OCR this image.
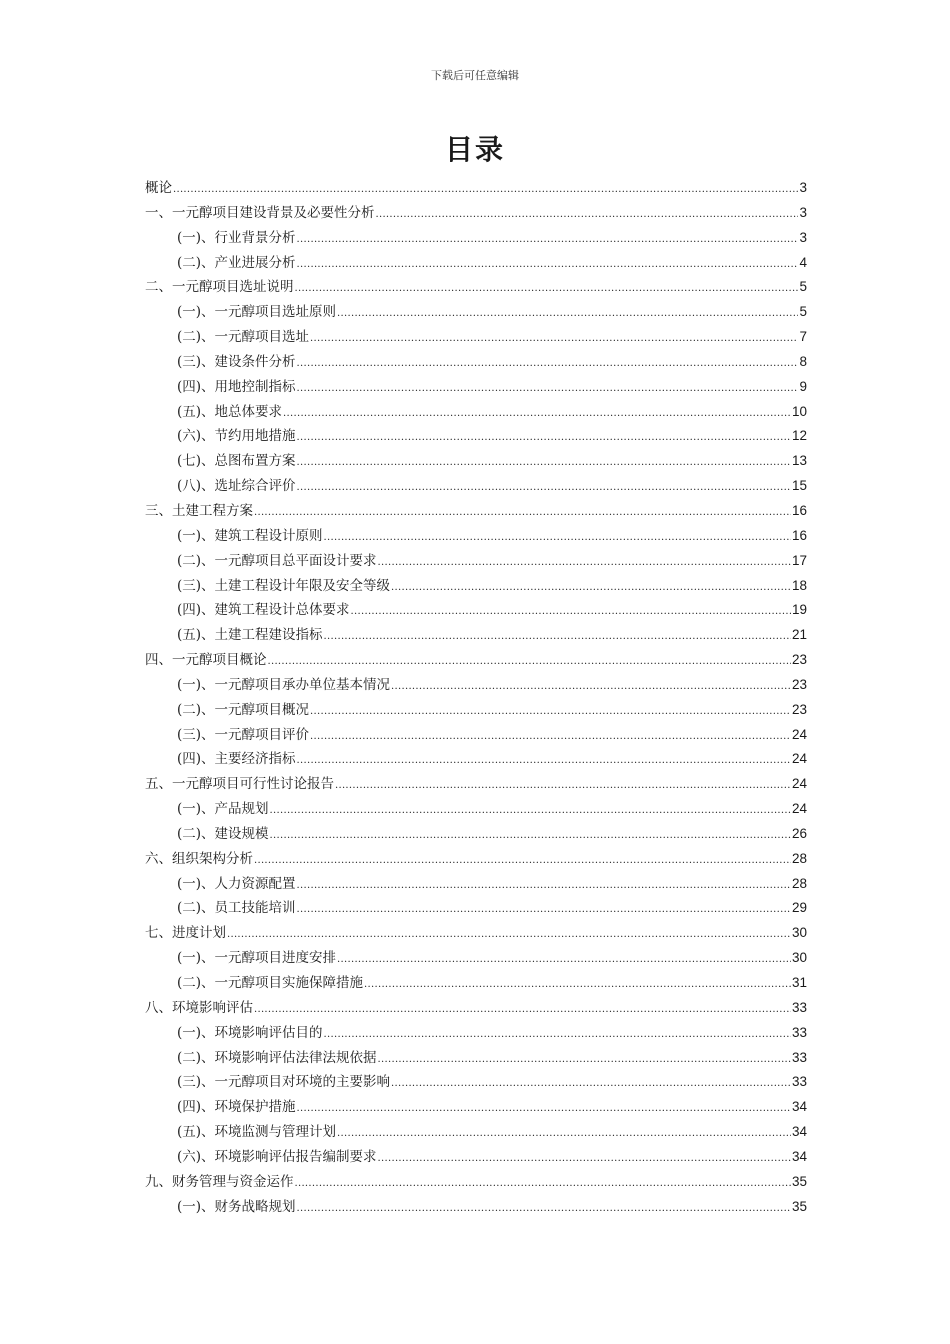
下载后可任意编辑
目录
概论 .....	3
一、一元醇项目建设背景及必要性分析 .....	3
(一)、行业背景分析 .....	3
(二)、产业进展分析 .....	4
二、一元醇项目选址说明 .....	5
(一)、一元醇项目选址原则 .....	5
(二)、一元醇项目选址 .....	7
(三)、建设条件分析 .....	8
(四)、用地控制指标 .....	9
(五)、地总体要求 .....	10
(六)、节约用地措施 .....	12
(七)、总图布置方案 .....	13
(八)、选址综合评价 .....	15
三、土建工程方案 .....	16
(一)、建筑工程设计原则 .....	16
(二)、一元醇项目总平面设计要求 .....	17
(三)、土建工程设计年限及安全等级 .....	18
(四)、建筑工程设计总体要求 .....	19
(五)、土建工程建设指标 .....	21
四、一元醇项目概论 .....	23
(一)、一元醇项目承办单位基本情况 .....	23
(二)、一元醇项目概况 .....	23
(三)、一元醇项目评价 .....	24
(四)、主要经济指标 .....	24
五、一元醇项目可行性讨论报告 .....	24
(一)、产品规划 .....	24
(二)、建设规模 .....	26
六、组织架构分析 .....	28
(一)、人力资源配置 .....	28
(二)、员工技能培训 .....	29
七、进度计划 .....	30
(一)、一元醇项目进度安排 .....	30
(二)、一元醇项目实施保障措施 .....	31
八、环境影响评估 .....	33
(一)、环境影响评估目的 .....	33
(二)、环境影响评估法律法规依据 .....	33
(三)、一元醇项目对环境的主要影响 .....	33
(四)、环境保护措施 .....	34
(五)、环境监测与管理计划 .....	34
(六)、环境影响评估报告编制要求 .....	34
九、财务管理与资金运作 .....	35
(一)、财务战略规划 .....	35
